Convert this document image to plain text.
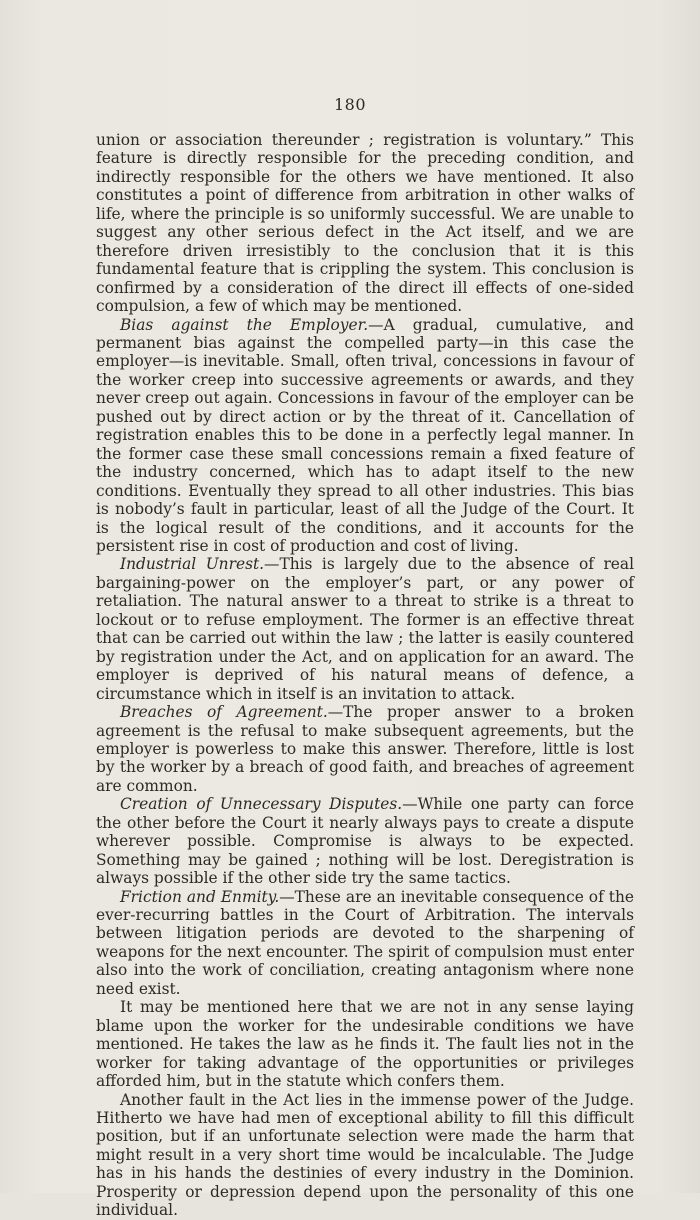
180

union or association thereunder ; registration is voluntary.” This feature is directly responsible for the preceding condition, and indirectly responsible for the others we have mentioned. It also constitutes a point of difference from arbitration in other walks of life, where the principle is so uniformly successful. We are unable to suggest any other serious defect in the Act itself, and we are therefore driven irresistibly to the conclusion that it is this fundamental feature that is crippling the system. This conclusion is confirmed by a consideration of the direct ill effects of one-sided compulsion, a few of which may be mentioned.

Bias against the Employer.—A gradual, cumulative, and permanent bias against the compelled party—in this case the employer—is inevitable. Small, often trival, concessions in favour of the worker creep into successive agreements or awards, and they never creep out again. Concessions in favour of the employer can be pushed out by direct action or by the threat of it. Cancellation of registration enables this to be done in a perfectly legal manner. In the former case these small concessions remain a fixed feature of the industry concerned, which has to adapt itself to the new conditions. Eventually they spread to all other industries. This bias is nobody’s fault in particular, least of all the Judge of the Court. It is the logical result of the conditions, and it accounts for the persistent rise in cost of production and cost of living.

Industrial Unrest.—This is largely due to the absence of real bargaining-power on the employer’s part, or any power of retaliation. The natural answer to a threat to strike is a threat to lockout or to refuse employment. The former is an effective threat that can be carried out within the law ; the latter is easily countered by registration under the Act, and on application for an award. The employer is deprived of his natural means of defence, a circumstance which in itself is an invitation to attack.

Breaches of Agreement.—The proper answer to a broken agreement is the refusal to make subsequent agreements, but the employer is powerless to make this answer. Therefore, little is lost by the worker by a breach of good faith, and breaches of agreement are common.

Creation of Unnecessary Disputes.—While one party can force the other before the Court it nearly always pays to create a dispute wherever possible. Compromise is always to be expected. Something may be gained ; nothing will be lost. Deregistration is always possible if the other side try the same tactics.

Friction and Enmity.—These are an inevitable consequence of the ever-recurring battles in the Court of Arbitration. The intervals between litigation periods are devoted to the sharpening of weapons for the next encounter. The spirit of compulsion must enter also into the work of conciliation, creating antagonism where none need exist.

It may be mentioned here that we are not in any sense laying blame upon the worker for the undesirable conditions we have mentioned. He takes the law as he finds it. The fault lies not in the worker for taking advantage of the opportunities or privileges afforded him, but in the statute which confers them.

Another fault in the Act lies in the immense power of the Judge. Hitherto we have had men of exceptional ability to fill this difficult position, but if an unfortunate selection were made the harm that might result in a very short time would be incalculable. The Judge has in his hands the destinies of every industry in the Dominion. Prosperity or depression depend upon the personality of this one individual.
